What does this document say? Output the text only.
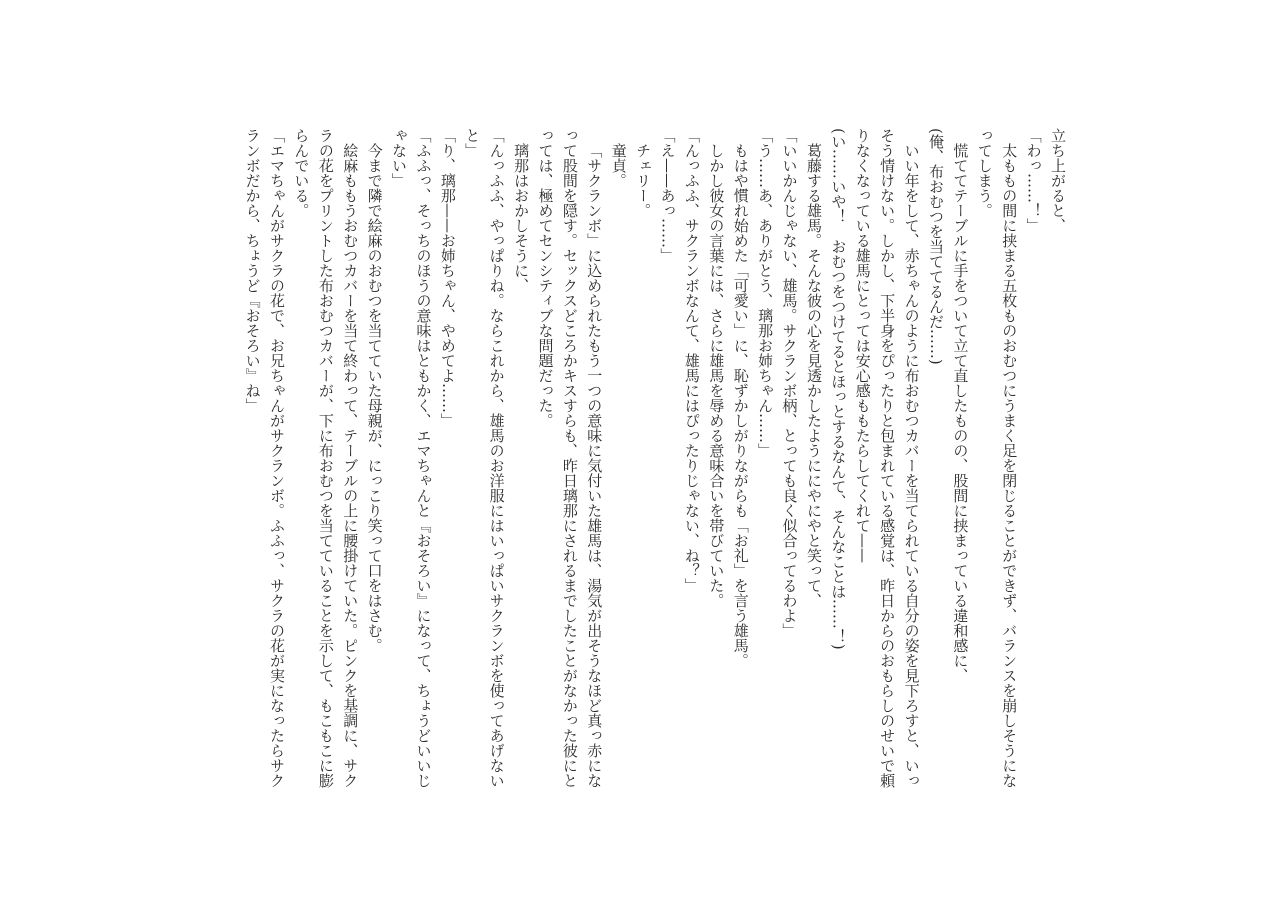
立ち上がると、

「わっ……！」

太ももの間に挟まる五枚ものおむつにうまく足を閉じることができず、バランスを崩しそうになってしまう。

慌ててテーブルに手をついて立て直したものの、股間に挟まっている違和感に、

(俺、布おむつを当ててるんだ……)

いい年をして、赤ちゃんのように布おむつカバーを当てられている自分の姿を見下ろすと、いっそう情けない。しかし、下半身をぴったりと包まれている感覚は、昨日からのおもらしのせいで頼りなくなっている雄馬にとっては安心感ももたらしてくれて——

(い……いや！　おむつをつけてるとほっとするなんて、そんなことは……！)

葛藤する雄馬。そんな彼の心を見透かしたようににやにやと笑って、

「いいかんじゃない、雄馬。サクランボ柄、とっても良く似合ってるわよ」

「う……あ、ありがとう、璃那お姉ちゃん……」

もはや慣れ始めた「可愛い」に、恥ずかしがりながらも「お礼」を言う雄馬。

しかし彼女の言葉には、さらに雄馬を辱める意味合いを帯びていた。

「んっふふ、サクランボなんて、雄馬にはぴったりじゃない、ね？」

「え——あっ……」

チェリー。

童貞。

「サクランボ」に込められたもう一つの意味に気付いた雄馬は、湯気が出そうなほど真っ赤になって股間を隠す。セックスどころかキスすらも、昨日璃那にされるまでしたことがなかった彼にとっては、極めてセンシティブな問題だった。

璃那はおかしそうに、

「んっふふ、やっぱりね。ならこれから、雄馬のお洋服にはいっぱいサクランボを使ってあげないと」

「り、璃那——お姉ちゃん、やめてよ……」

「ふふっ、そっちのほうの意味はともかく、エマちゃんと『おそろい』になって、ちょうどいいじゃない」

今まで隣で絵麻のおむつを当てていた母親が、にっこり笑って口をはさむ。

絵麻ももうおむつカバーを当て終わって、テーブルの上に腰掛けていた。ピンクを基調に、サクラの花をプリントした布おむつカバーが、下に布おむつを当てていることを示して、もこもこに膨らんでいる。

「エマちゃんがサクラの花で、お兄ちゃんがサクランボ。ふふっ、サクラの花が実になったらサクランボだから、ちょうど『おそろい』ね」
